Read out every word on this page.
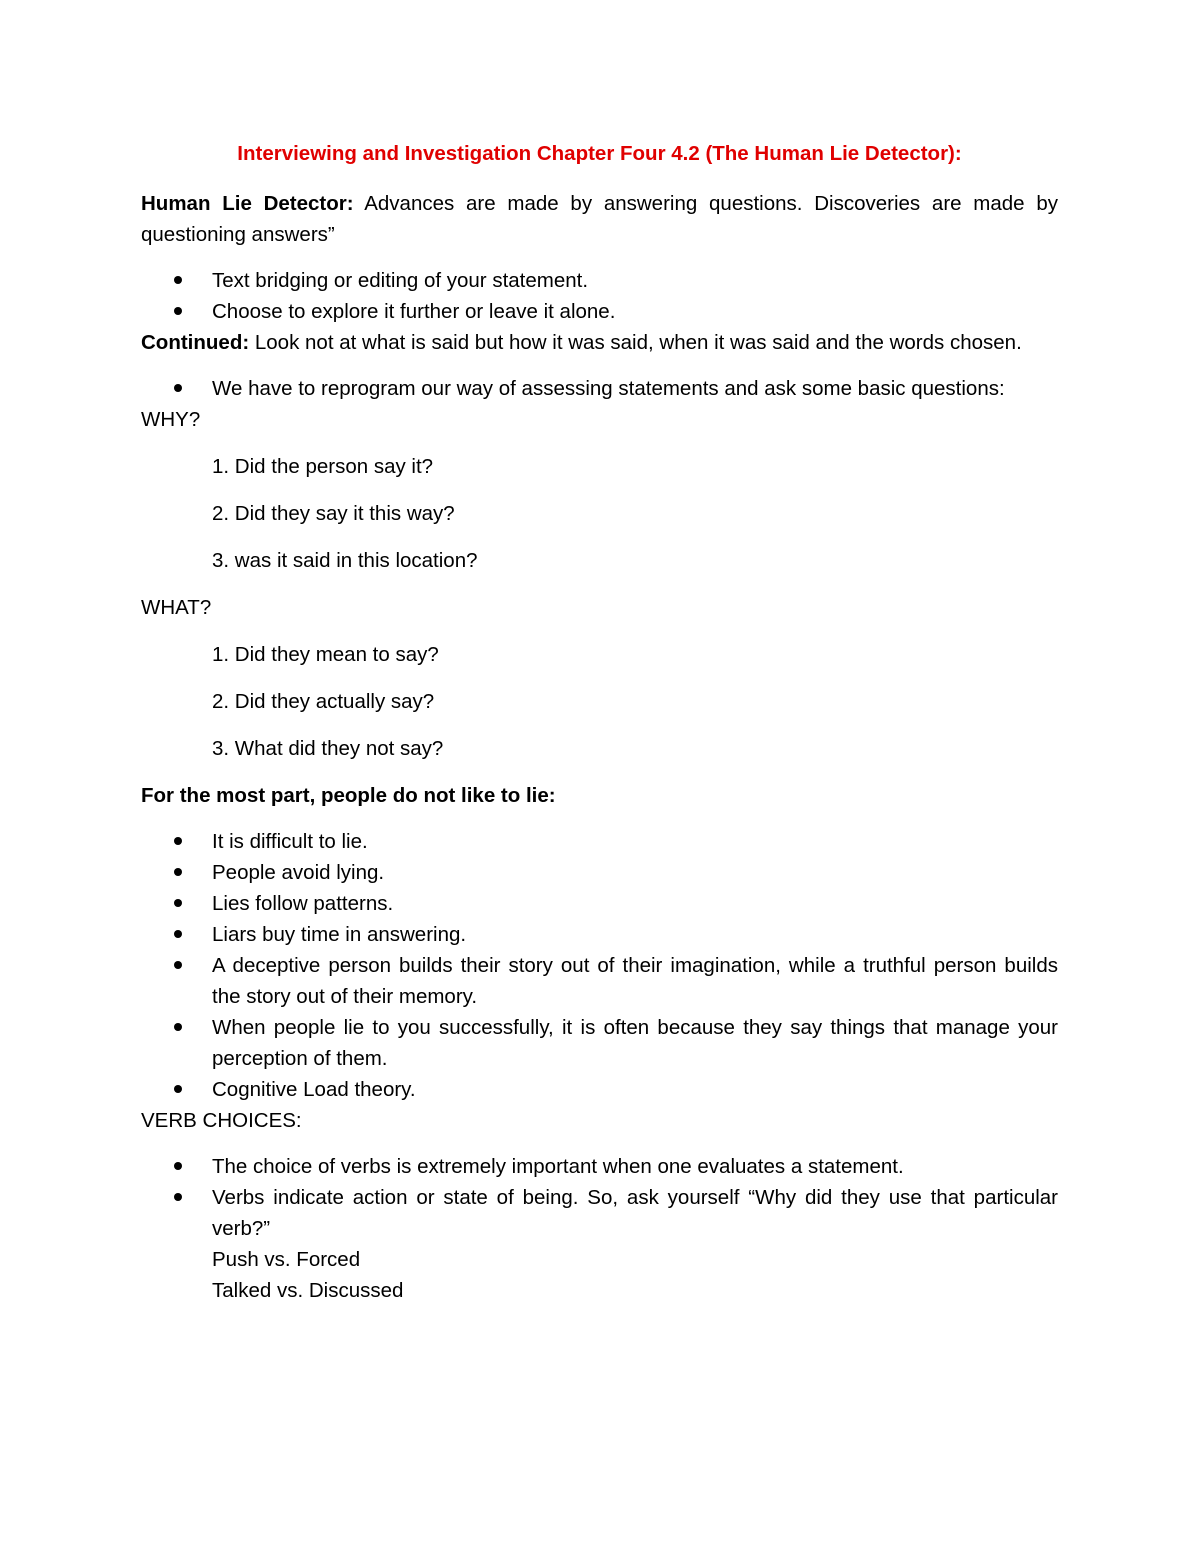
Interviewing and Investigation Chapter Four 4.2 (The Human Lie Detector):

Human Lie Detector: Advances are made by answering questions. Discoveries are made by questioning answers”

Text bridging or editing of your statement.
Choose to explore it further or leave it alone.

Continued: Look not at what is said but how it was said, when it was said and the words chosen.

We have to reprogram our way of assessing statements and ask some basic questions:

WHY?

1. Did the person say it?
2. Did they say it this way?
3. was it said in this location?

WHAT?

1. Did they mean to say?
2. Did they actually say?
3. What did they not say?

For the most part, people do not like to lie:

It is difficult to lie.
People avoid lying.
Lies follow patterns.
Liars buy time in answering.
A deceptive person builds their story out of their imagination, while a truthful person builds the story out of their memory.
When people lie to you successfully, it is often because they say things that manage your perception of them.
Cognitive Load theory.

VERB CHOICES:

The choice of verbs is extremely important when one evaluates a statement.
Verbs indicate action or state of being. So, ask yourself “Why did they use that particular verb?”
Push vs. Forced
Talked vs. Discussed
